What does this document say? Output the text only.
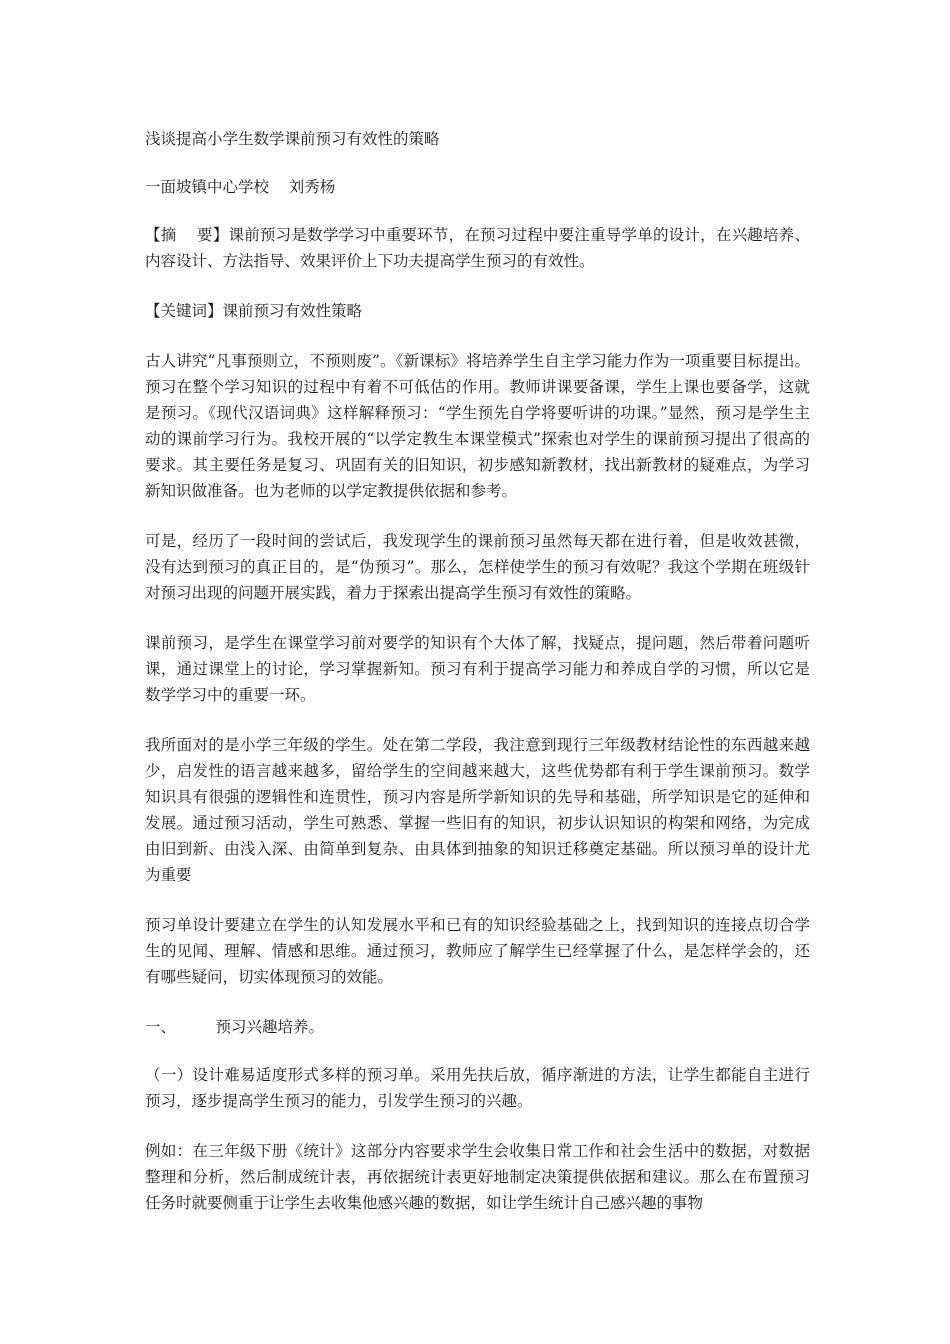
浅谈提高小学生数学课前预习有效性的策略

一面坡镇中心学校    刘秀杨

【摘    要】课前预习是数学学习中重要环节，在预习过程中要注重导学单的设计，在兴趣培养、内容设计、方法指导、效果评价上下功夫提高学生预习的有效性。

【关键词】课前预习有效性策略

古人讲究“凡事预则立，不预则废”。《新课标》将培养学生自主学习能力作为一项重要目标提出。预习在整个学习知识的过程中有着不可低估的作用。教师讲课要备课，学生上课也要备学，这就是预习。《现代汉语词典》这样解释预习：“学生预先自学将要听讲的功课。”显然，预习是学生主动的课前学习行为。我校开展的“以学定教生本课堂模式”探索也对学生的课前预习提出了很高的要求。其主要任务是复习、巩固有关的旧知识，初步感知新教材，找出新教材的疑难点，为学习新知识做准备。也为老师的以学定教提供依据和参考。

可是，经历了一段时间的尝试后，我发现学生的课前预习虽然每天都在进行着，但是收效甚微，没有达到预习的真正目的，是“伪预习”。那么，怎样使学生的预习有效呢？我这个学期在班级针对预习出现的问题开展实践，着力于探索出提高学生预习有效性的策略。

课前预习，是学生在课堂学习前对要学的知识有个大体了解，找疑点，提问题，然后带着问题听课，通过课堂上的讨论，学习掌握新知。预习有利于提高学习能力和养成自学的习惯，所以它是数学学习中的重要一环。

我所面对的是小学三年级的学生。处在第二学段，我注意到现行三年级教材结论性的东西越来越少，启发性的语言越来越多，留给学生的空间越来越大，这些优势都有利于学生课前预习。数学知识具有很强的逻辑性和连贯性，预习内容是所学新知识的先导和基础，所学知识是它的延伸和发展。通过预习活动，学生可熟悉、掌握一些旧有的知识，初步认识知识的构架和网络，为完成由旧到新、由浅入深、由简单到复杂、由具体到抽象的知识迁移奠定基础。所以预习单的设计尤为重要

预习单设计要建立在学生的认知发展水平和已有的知识经验基础之上，找到知识的连接点切合学生的见闻、理解、情感和思维。通过预习，教师应了解学生已经掌握了什么，是怎样学会的，还有哪些疑问，切实体现预习的效能。

一、	预习兴趣培养。

（一）设计难易适度形式多样的预习单。采用先扶后放，循序渐进的方法，让学生都能自主进行预习，逐步提高学生预习的能力，引发学生预习的兴趣。

例如：在三年级下册《统计》这部分内容要求学生会收集日常工作和社会生活中的数据，对数据整理和分析，然后制成统计表，再依据统计表更好地制定决策提供依据和建议。那么在布置预习任务时就要侧重于让学生去收集他感兴趣的数据，如让学生统计自己感兴趣的事物
